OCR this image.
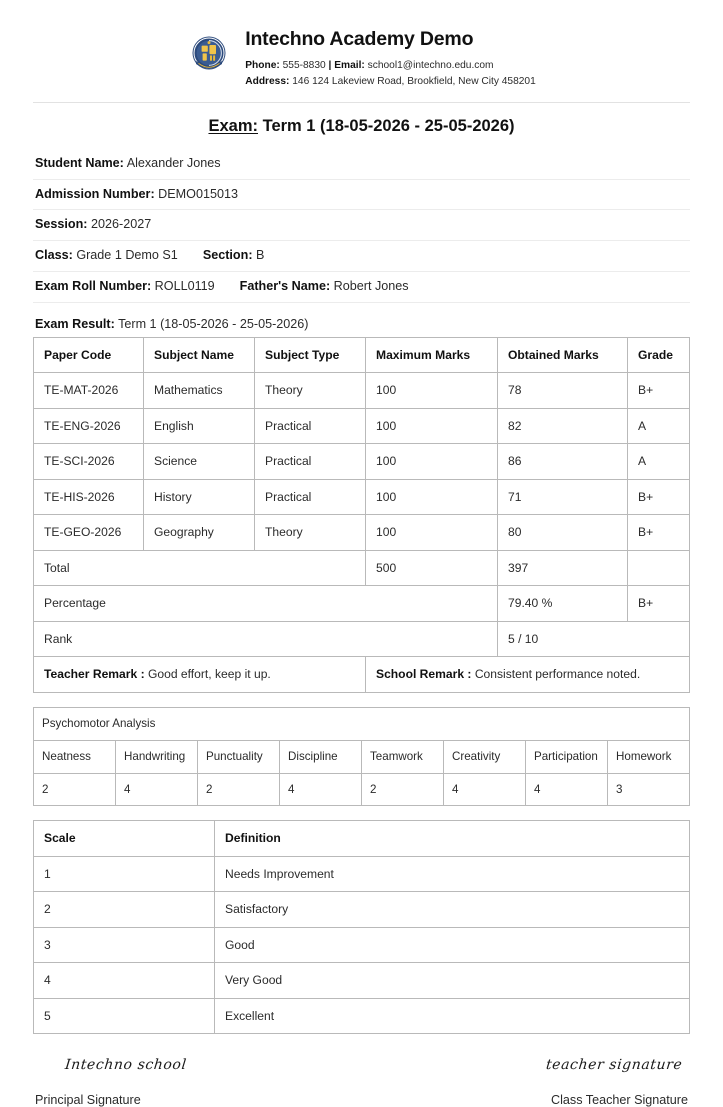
Intechno Academy Demo
Phone: 555-8830 | Email: school1@intechno.edu.com
Address: 146 124 Lakeview Road, Brookfield, New City 458201
Exam: Term 1 (18-05-2026 - 25-05-2026)
Student Name: Alexander Jones
Admission Number: DEMO015013
Session: 2026-2027
Class: Grade 1 Demo S1 Section: B
Exam Roll Number: ROLL0119 Father's Name: Robert Jones
Exam Result: Term 1 (18-05-2026 - 25-05-2026)
Paper Code	Subject Name	Subject Type	Maximum Marks	Obtained Marks	Grade
TE-MAT-2026	Mathematics	Theory	100	78	B+
TE-ENG-2026	English	Practical	100	82	A
TE-SCI-2026	Science	Practical	100	86	A
TE-HIS-2026	History	Practical	100	71	B+
TE-GEO-2026	Geography	Theory	100	80	B+
Total			500	397	
Percentage				79.40 %	B+
Rank				5 / 10	
Teacher Remark : Good effort, keep it up.			School Remark : Consistent performance noted.		
Psychomotor Analysis							
Neatness	Handwriting	Punctuality	Discipline	Teamwork	Creativity	Participation	Homework
2	4	2	4	2	4	4	3
Scale	Definition
1	Needs Improvement
2	Satisfactory
3	Good
4	Very Good
5	Excellent
Intechno school
Principal Signature
teacher signature
Class Teacher Signature
